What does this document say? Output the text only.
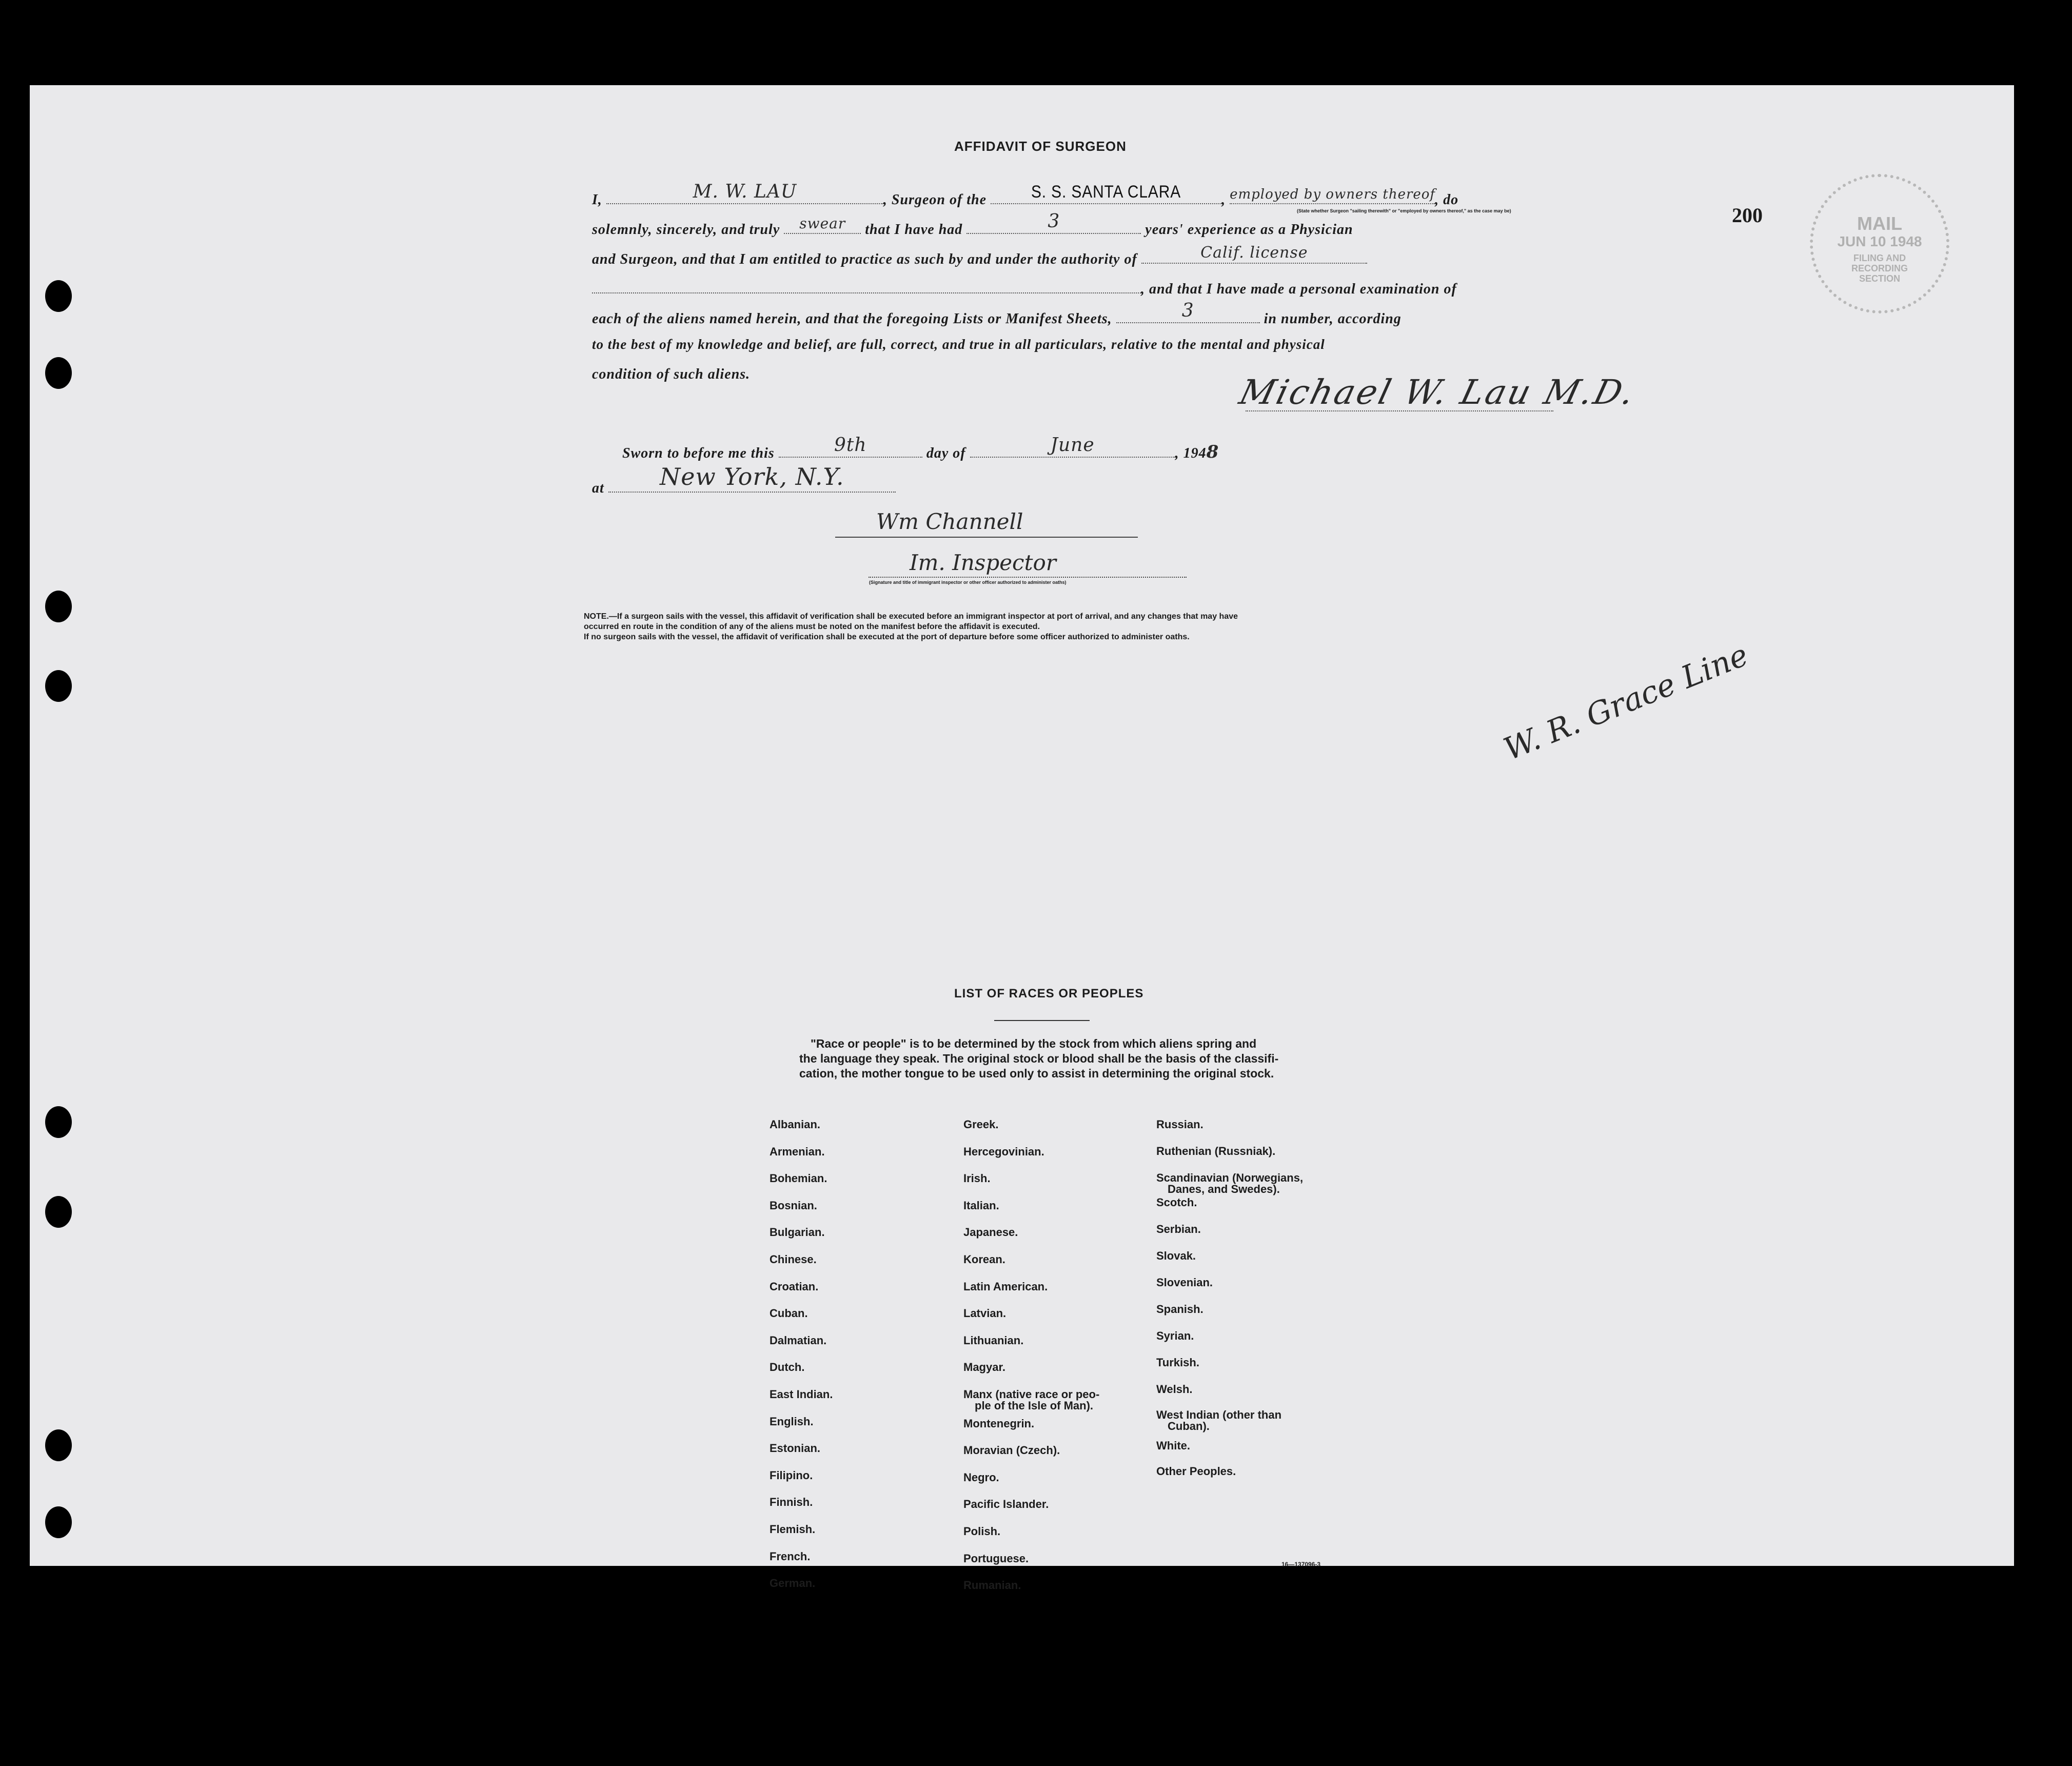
200	MAIL
JUN 10 1948
FILING AND RECORDING SECTION
AFFIDAVIT OF SURGEON
I,	M. W. LAU	, Surgeon of the	S. S. SANTA CLARA	, employed by owners thereof , do
(State whether Surgeon "sailing therewith" or "employed by owners thereof," as the case may be)
solemnly, sincerely, and truly	swear	that I have had	3	years' experience as a Physician
and Surgeon, and that I am entitled to practice as such by and under the authority of	Calif. license
, and that I have made a personal examination of
each of the aliens named herein, and that the foregoing Lists or Manifest Sheets,	3	in number, according
to the best of my knowledge and belief, are full, correct, and true in all particulars, relative to the mental and physical
condition of such aliens.	Michael W. Lau M.D.
Sworn to before me this	9th	day of	June	, 1948
at	New York, N.Y.
Wm Channell
Im. Inspector
(Signature and title of immigrant inspector or other officer authorized to administer oaths)

NOTE.—If a surgeon sails with the vessel, this affidavit of verification shall be executed before an immigrant inspector at port of arrival, and any changes that may have

occurred en route in the condition of any of the aliens must be noted on the manifest before the affidavit is executed.

If no surgeon sails with the vessel, the affidavit of verification shall be executed at the port of departure before some officer authorized to administer oaths.	W. R. Grace Line
LIST OF RACES OR PEOPLES

"Race or people" is to be determined by the stock from which aliens spring and

the language they speak. The original stock or blood shall be the basis of the classifi-

cation, the mother tongue to be used only to assist in determining the original stock.

16—137096-3
Albanian.
Armenian.
Bohemian.
Bosnian.
Bulgarian.
Chinese.
Croatian.
Cuban.
Dalmatian.
Dutch.
East Indian.
English.
Estonian.
Filipino.
Finnish.
Flemish.
French.
German.
Greek.
Hercegovinian.
Irish.
Italian.
Japanese.
Korean.
Latin American.
Latvian.
Lithuanian.
Magyar.
Manx (native race or peo-
ple of the Isle of Man).
Montenegrin.
Moravian (Czech).
Negro.
Pacific Islander.
Polish.
Portuguese.
Rumanian.
Russian.
Ruthenian (Russniak).
Scandinavian (Norwegians,
Danes, and Swedes).
Scotch.
Serbian.
Slovak.
Slovenian.
Spanish.
Syrian.
Turkish.
Welsh.
West Indian (other than
Cuban).
White.
Other Peoples.
